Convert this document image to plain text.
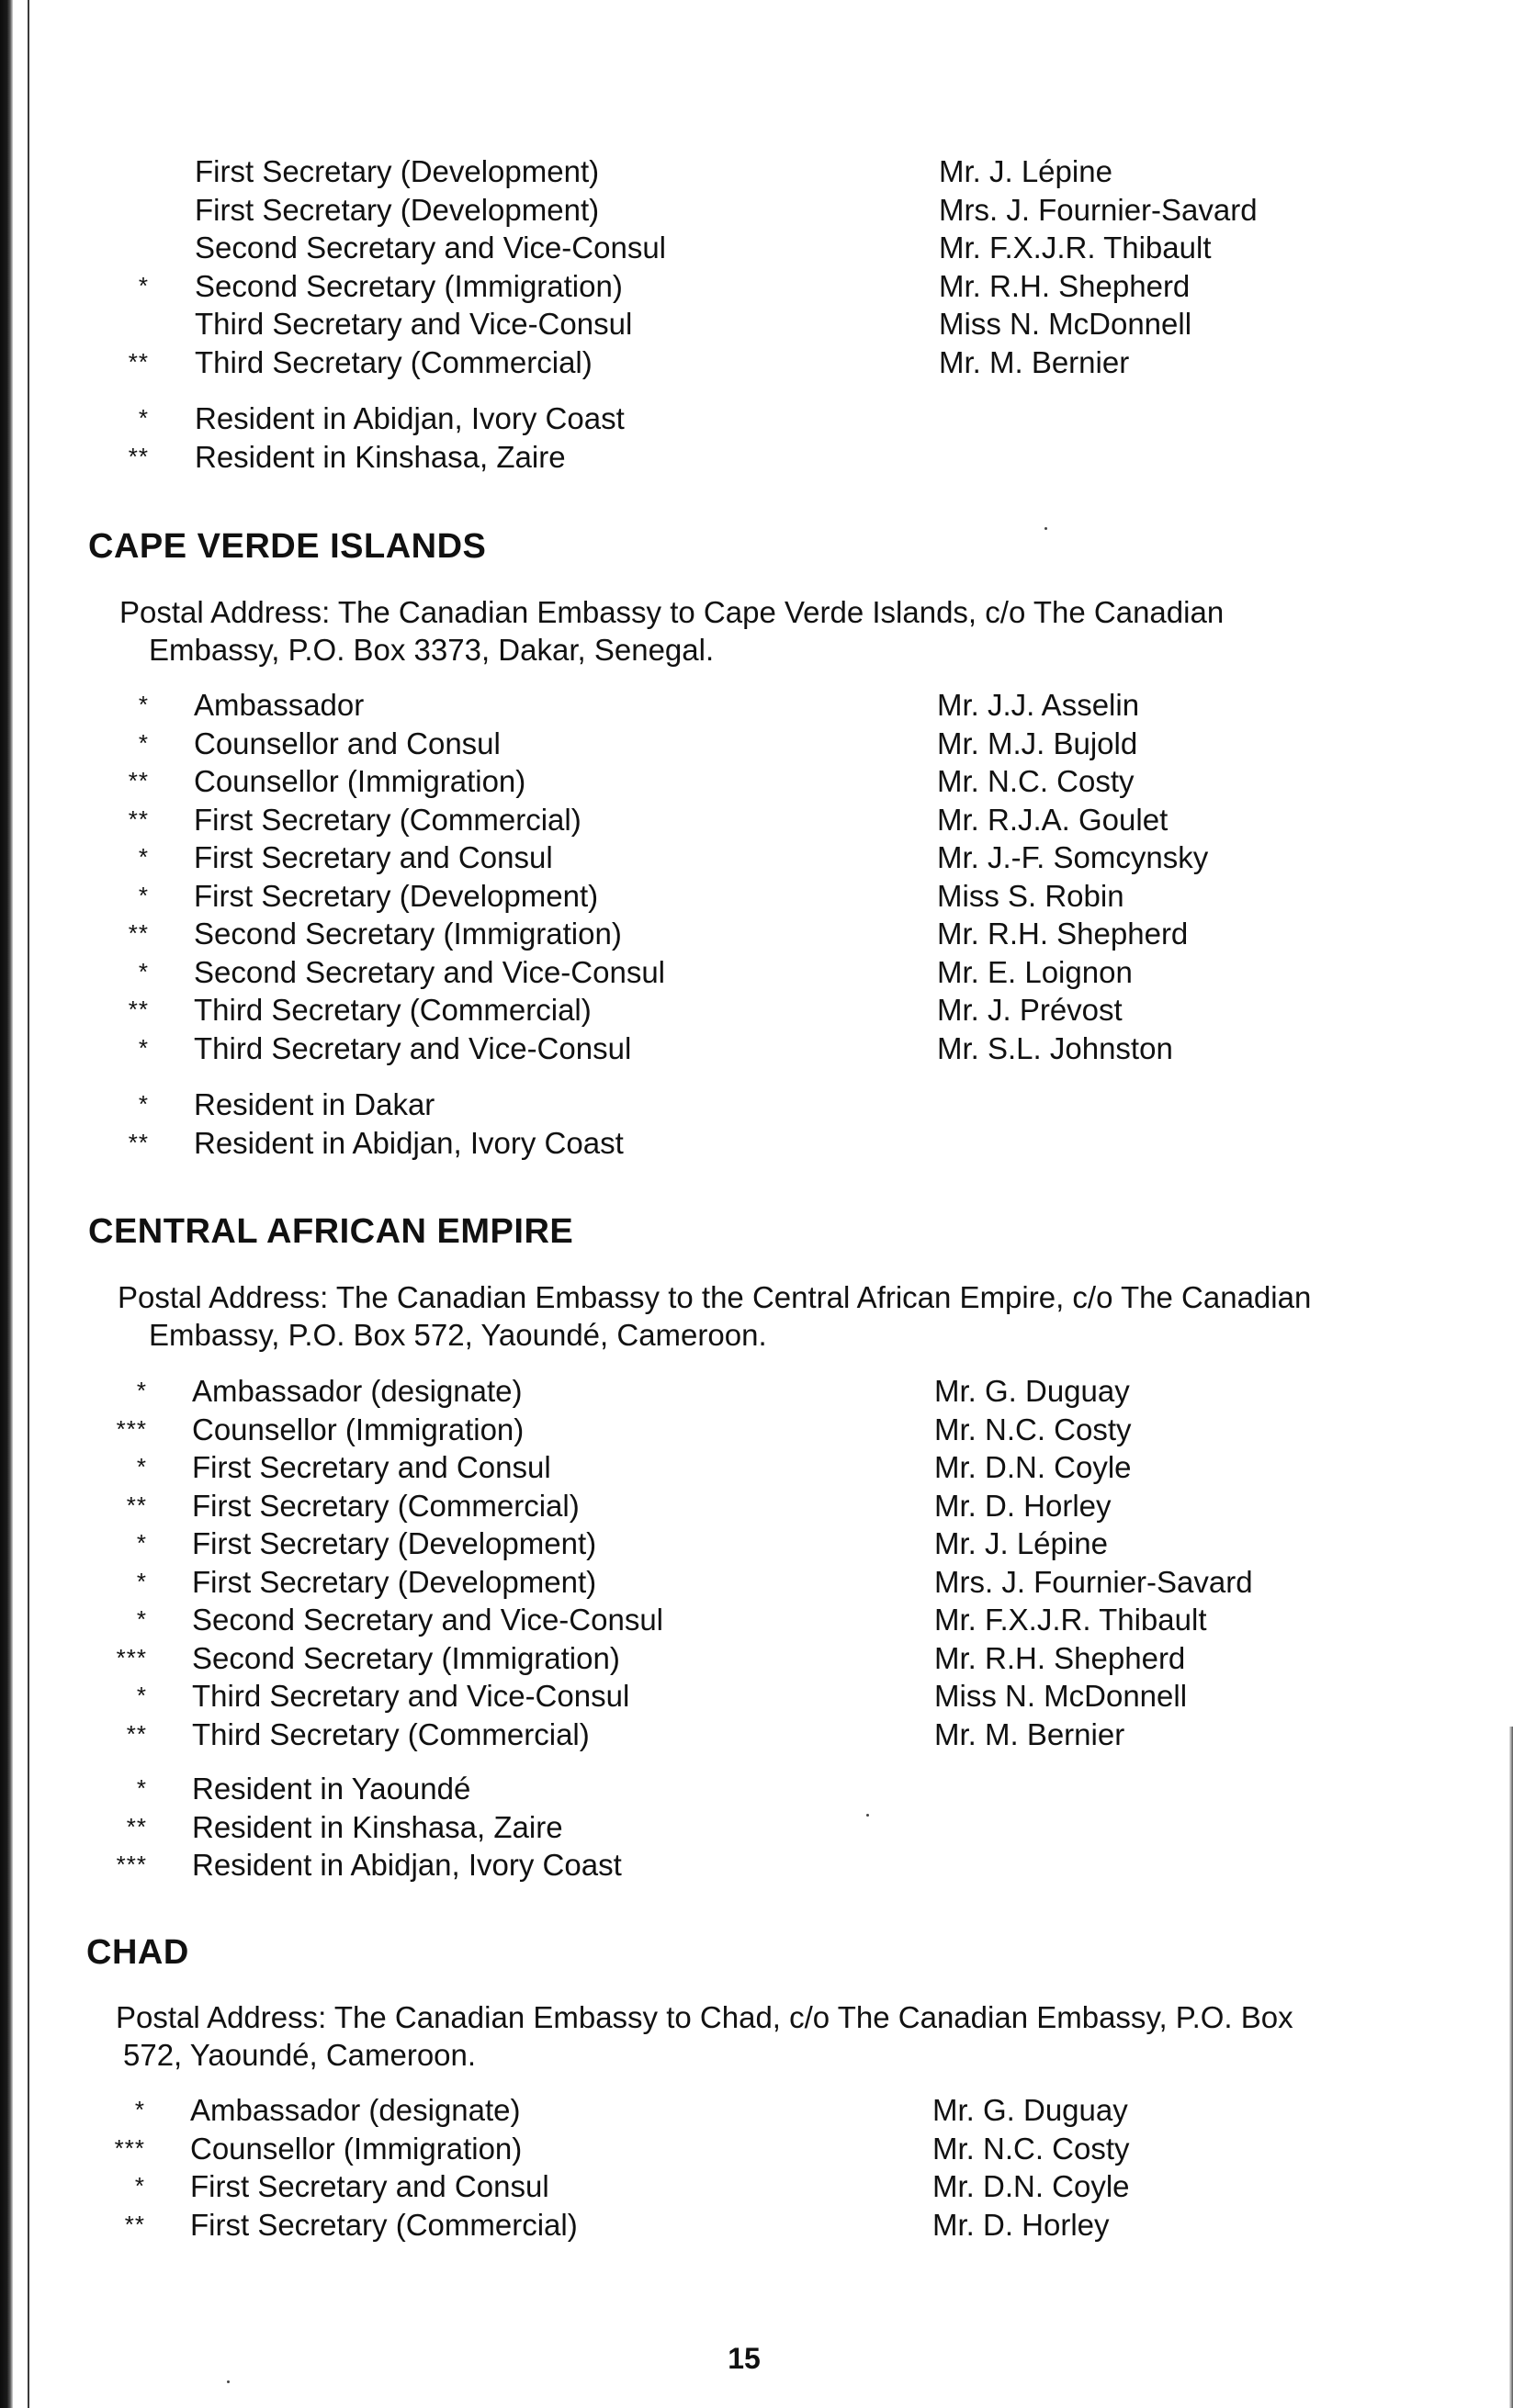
First Secretary (Development)	Mr. J. Lépine
First Secretary (Development)	Mrs. J. Fournier-Savard
Second Secretary and Vice-Consul	Mr. F.X.J.R. Thibault
* Second Secretary (Immigration)	Mr. R.H. Shepherd
Third Secretary and Vice-Consul	Miss N. McDonnell
** Third Secretary (Commercial)	Mr. M. Bernier
* Resident in Abidjan, Ivory Coast
** Resident in Kinshasa, Zaire
CAPE VERDE ISLANDS
Postal Address: The Canadian Embassy to Cape Verde Islands, c/o The Canadian
Embassy, P.O. Box 3373, Dakar, Senegal.
* Ambassador	Mr. J.J. Asselin
* Counsellor and Consul	Mr. M.J. Bujold
** Counsellor (Immigration)	Mr. N.C. Costy
** First Secretary (Commercial)	Mr. R.J.A. Goulet
* First Secretary and Consul	Mr. J.-F. Somcynsky
* First Secretary (Development)	Miss S. Robin
** Second Secretary (Immigration)	Mr. R.H. Shepherd
* Second Secretary and Vice-Consul	Mr. E. Loignon
** Third Secretary (Commercial)	Mr. J. Prévost
* Third Secretary and Vice-Consul	Mr. S.L. Johnston
* Resident in Dakar
** Resident in Abidjan, Ivory Coast
CENTRAL AFRICAN EMPIRE
Postal Address: The Canadian Embassy to the Central African Empire, c/o The Canadian
Embassy, P.O. Box 572, Yaoundé, Cameroon.
* Ambassador (designate)	Mr. G. Duguay
*** Counsellor (Immigration)	Mr. N.C. Costy
* First Secretary and Consul	Mr. D.N. Coyle
** First Secretary (Commercial)	Mr. D. Horley
* First Secretary (Development)	Mr. J. Lépine
* First Secretary (Development)	Mrs. J. Fournier-Savard
* Second Secretary and Vice-Consul	Mr. F.X.J.R. Thibault
*** Second Secretary (Immigration)	Mr. R.H. Shepherd
* Third Secretary and Vice-Consul	Miss N. McDonnell
** Third Secretary (Commercial)	Mr. M. Bernier
* Resident in Yaoundé
** Resident in Kinshasa, Zaire
*** Resident in Abidjan, Ivory Coast
CHAD
Postal Address: The Canadian Embassy to Chad, c/o The Canadian Embassy, P.O. Box
572, Yaoundé, Cameroon.
* Ambassador (designate)	Mr. G. Duguay
*** Counsellor (Immigration)	Mr. N.C. Costy
* First Secretary and Consul	Mr. D.N. Coyle
** First Secretary (Commercial)	Mr. D. Horley
15
